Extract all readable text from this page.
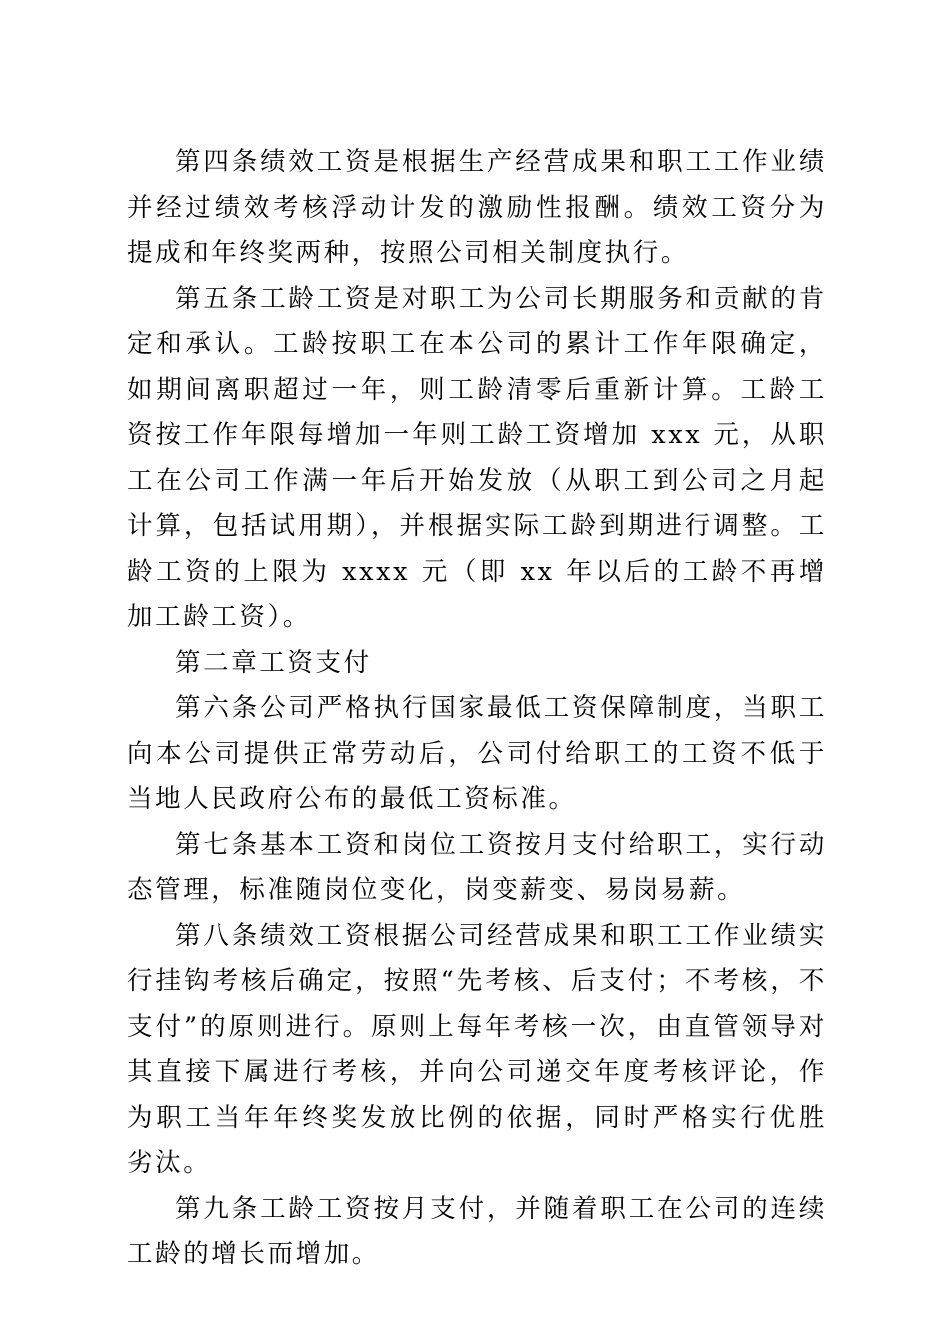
第四条绩效工资是根据生产经营成果和职工工作业绩并经过绩效考核浮动计发的激励性报酬。绩效工资分为提成和年终奖两种，按照公司相关制度执行。

第五条工龄工资是对职工为公司长期服务和贡献的肯定和承认。工龄按职工在本公司的累计工作年限确定，如期间离职超过一年，则工龄清零后重新计算。工龄工资按工作年限每增加一年则工龄工资增加 xxx 元，从职工在公司工作满一年后开始发放（从职工到公司之月起计算，包括试用期），并根据实际工龄到期进行调整。工龄工资的上限为 xxxx 元（即 xx 年以后的工龄不再增加工龄工资）。

第二章工资支付

第六条公司严格执行国家最低工资保障制度，当职工向本公司提供正常劳动后，公司付给职工的工资不低于当地人民政府公布的最低工资标准。

第七条基本工资和岗位工资按月支付给职工，实行动态管理，标准随岗位变化，岗变薪变、易岗易薪。

第八条绩效工资根据公司经营成果和职工工作业绩实行挂钩考核后确定，按照“先考核、后支付；不考核，不支付”的原则进行。原则上每年考核一次，由直管领导对其直接下属进行考核，并向公司递交年度考核评论，作为职工当年年终奖发放比例的依据，同时严格实行优胜劣汰。

第九条工龄工资按月支付，并随着职工在公司的连续工龄的增长而增加。
